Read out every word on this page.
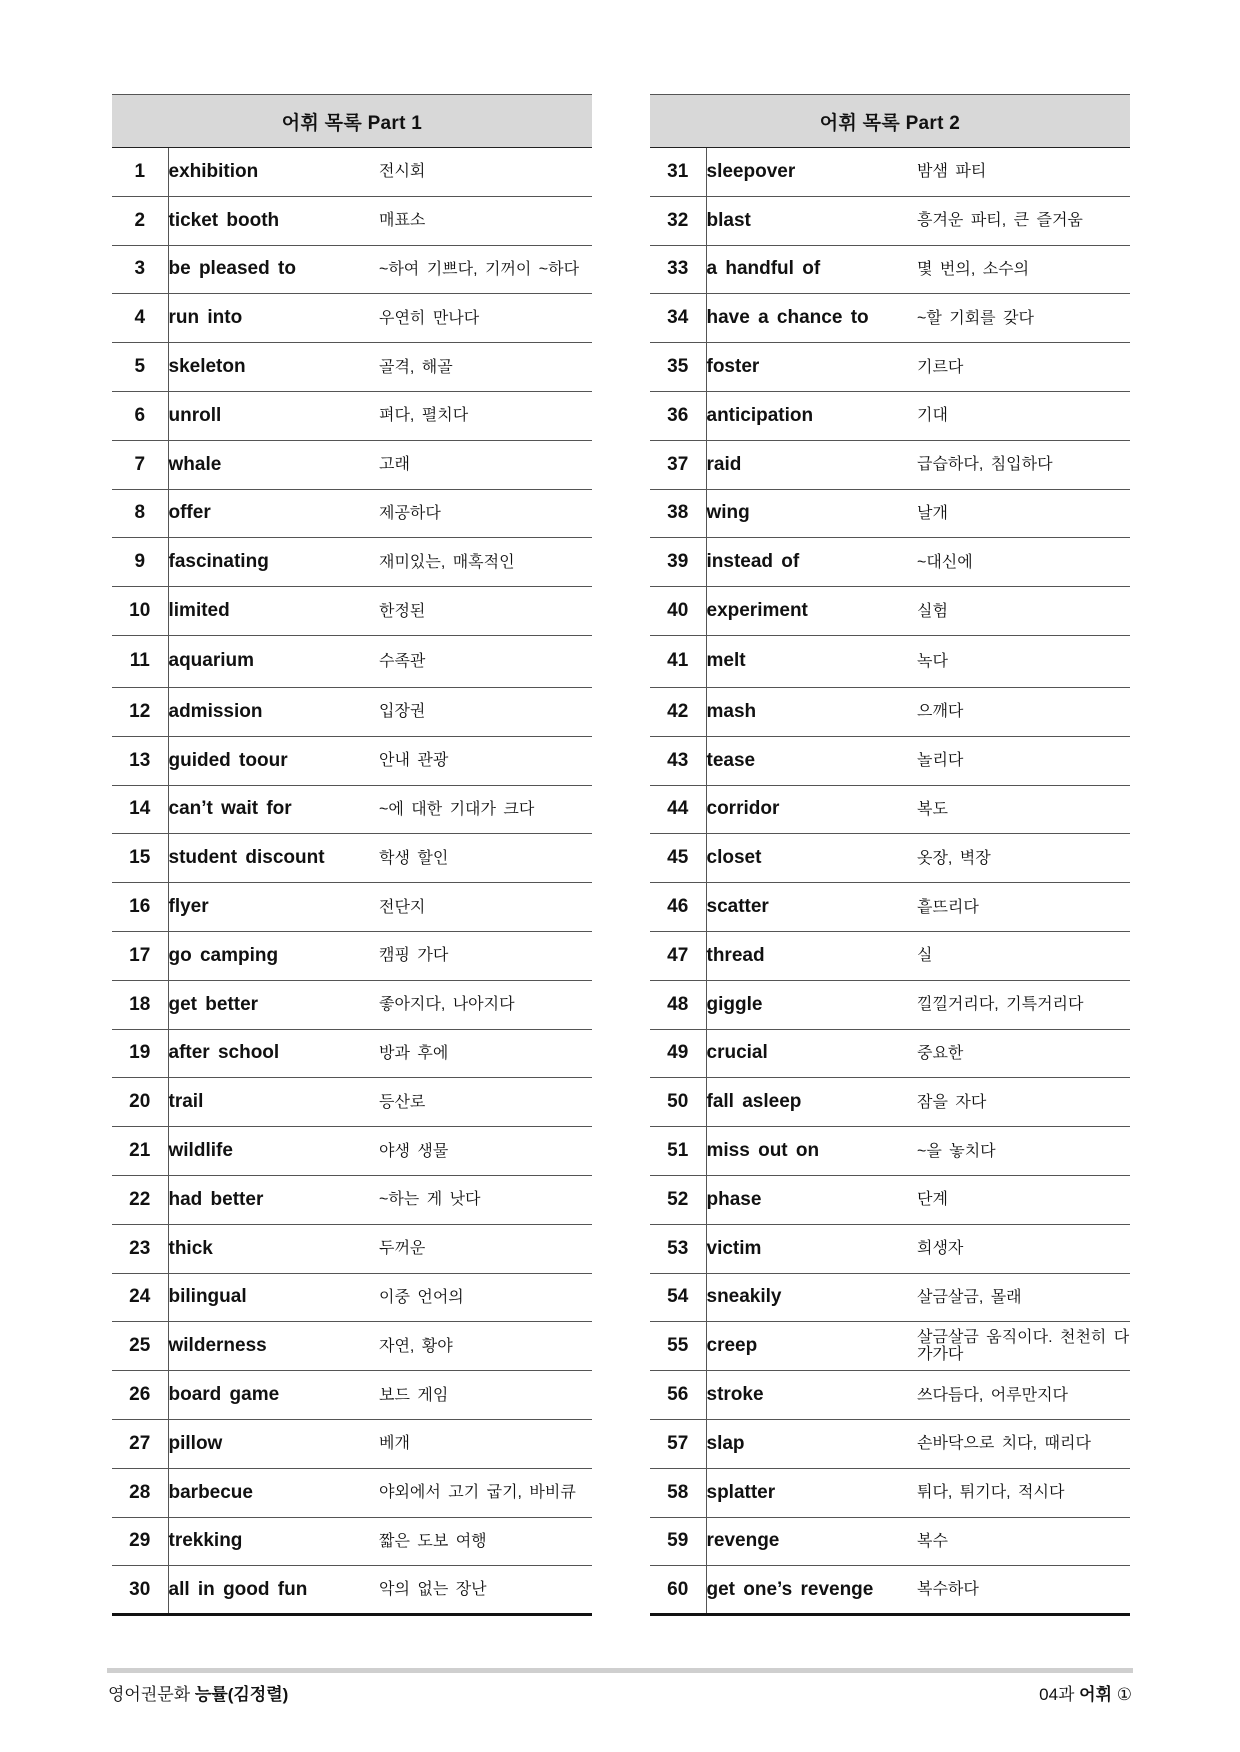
어휘 목록 Part 1		
1	exhibition	전시회
2	ticket booth	매표소
3	be pleased to	~하여 기쁘다, 기꺼이 ~하다
4	run into	우연히 만나다
5	skeleton	골격, 해골
6	unroll	펴다, 펼치다
7	whale	고래
8	offer	제공하다
9	fascinating	재미있는, 매혹적인
10	limited	한정된
11	aquarium	수족관
12	admission	입장권
13	guided toour	안내 관광
14	can’t wait for	~에 대한 기대가 크다
15	student discount	학생 할인
16	flyer	전단지
17	go camping	캠핑 가다
18	get better	좋아지다, 나아지다
19	after school	방과 후에
20	trail	등산로
21	wildlife	야생 생물
22	had better	~하는 게 낫다
23	thick	두꺼운
24	bilingual	이중 언어의
25	wilderness	자연, 황야
26	board game	보드 게임
27	pillow	베개
28	barbecue	야외에서 고기 굽기, 바비큐
29	trekking	짧은 도보 여행
30	all in good fun	악의 없는 장난
어휘 목록 Part 2		
31	sleepover	밤샘 파티
32	blast	흥겨운 파티, 큰 즐거움
33	a handful of	몇 번의, 소수의
34	have a chance to	~할 기회를 갖다
35	foster	기르다
36	anticipation	기대
37	raid	급습하다, 침입하다
38	wing	날개
39	instead of	~대신에
40	experiment	실험
41	melt	녹다
42	mash	으깨다
43	tease	놀리다
44	corridor	복도
45	closet	옷장, 벽장
46	scatter	흩뜨리다
47	thread	실
48	giggle	낄낄거리다, 기특거리다
49	crucial	중요한
50	fall asleep	잠을 자다
51	miss out on	~을 놓치다
52	phase	단계
53	victim	희생자
54	sneakily	살금살금, 몰래
55	creep	살금살금 움직이다. 천천히 다가가다
56	stroke	쓰다듬다, 어루만지다
57	slap	손바닥으로 치다, 때리다
58	splatter	튀다, 튀기다, 적시다
59	revenge	복수
60	get one’s revenge	복수하다
영어권문화 능률(김정렬)	04과 어휘 ①
